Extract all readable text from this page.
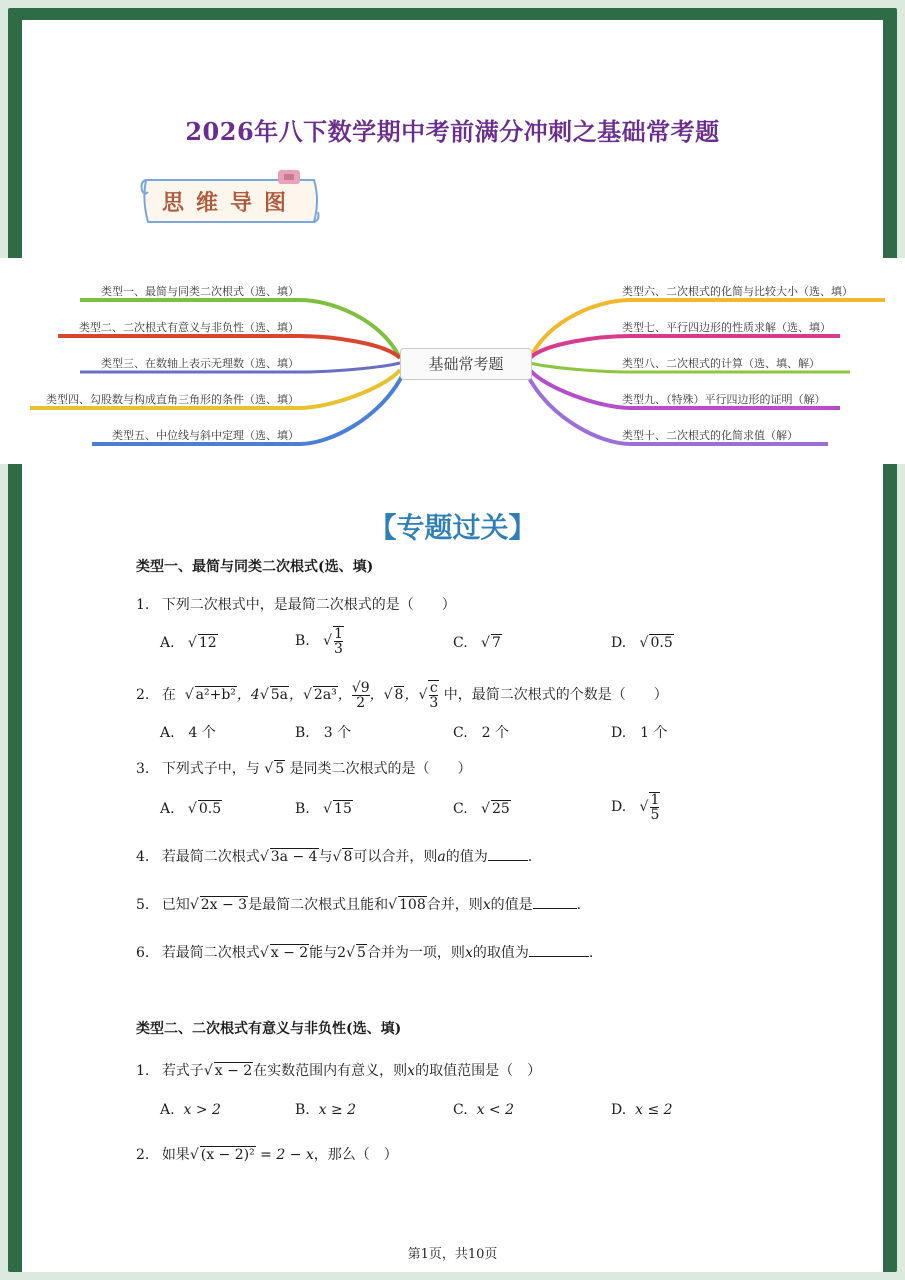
2026年八下数学期中考前满分冲刺之基础常考题
思维导图
基础常考题
类型一、最简与同类二次根式（选、填）
类型二、二次根式有意义与非负性（选、填）
类型三、在数轴上表示无理数（选、填）
类型四、勾股数与构成直角三角形的条件（选、填）
类型五、中位线与斜中定理（选、填）
类型六、二次根式的化简与比较大小（选、填）
类型七、平行四边形的性质求解（选、填）
类型八、二次根式的计算（选、填、解）
类型九、（特殊）平行四边形的证明（解）
类型十、二次根式的化简求值（解）
【专题过关】
类型一、最简与同类二次根式(选、填)
1. 下列二次根式中，是最简二次根式的是（　　）
A.   √ 12	B.   √ $\frac{1}{3}$	C.   √ 7	D.   √ 0.5
2. 在  √ a²+b²，4√ 5a，√ 2a³， $\frac{√9}{2}$ ，√ 8，√ $\frac{c}{3}$ 中，最简二次根式的个数是（　　）
A.　4 个	B.　3 个	C.　2 个	D.　1 个
3. 下列式子中，与 √ 5 是同类二次根式的是（　　）
A.   √ 0.5	B.   √ 15	C.   √ 25	D.   √ $\frac{1}{5}$
4. 若最简二次根式√ 3a − 4与√ 8可以合并，则a的值为	.
5. 已知√ 2x − 3是最简二次根式且能和√ 108合并，则x的值是	.
6. 若最简二次根式√ x − 2能与2√ 5合并为一项，则x的取值为	.
类型二、二次根式有意义与非负性(选、填)
1. 若式子√ x − 2在实数范围内有意义，则x的取值范围是（　）
A. x > 2	B. x ≥ 2	C. x < 2	D. x ≤ 2
2. 如果√ (x − 2)² = 2 − x，那么（　）
第1页，共10页
